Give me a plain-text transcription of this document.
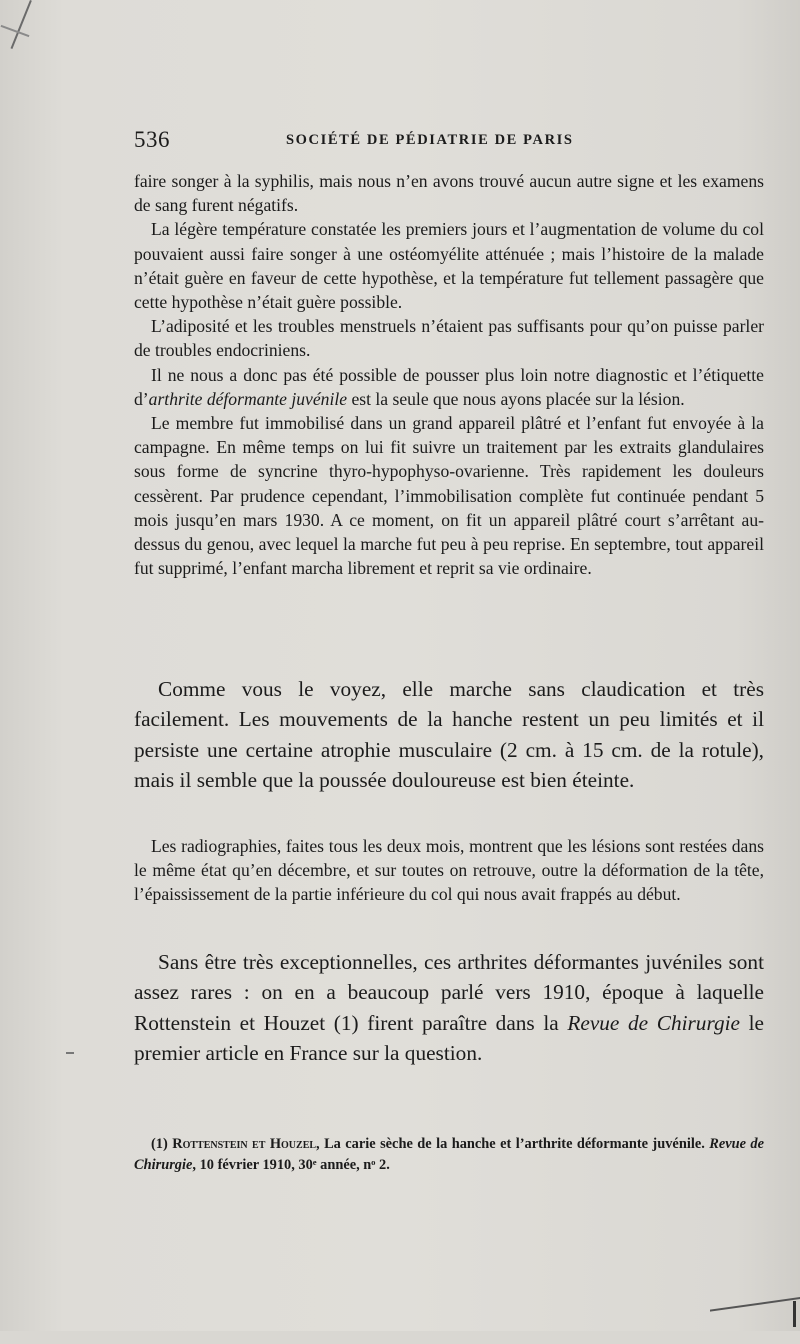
536	SOCIÉTÉ DE PÉDIATRIE DE PARIS

faire songer à la syphilis, mais nous n’en avons trouvé aucun autre signe et les examens de sang furent négatifs.

La légère température constatée les premiers jours et l’augmentation de volume du col pouvaient aussi faire songer à une ostéomyélite atténuée ; mais l’histoire de la malade n’était guère en faveur de cette hypothèse, et la température fut tellement passagère que cette hypothèse n’était guère possible.

L’adiposité et les troubles menstruels n’étaient pas suffisants pour qu’on puisse parler de troubles endocriniens.

Il ne nous a donc pas été possible de pousser plus loin notre diagnostic et l’étiquette d’arthrite déformante juvénile est la seule que nous ayons placée sur la lésion.

Le membre fut immobilisé dans un grand appareil plâtré et l’enfant fut envoyée à la campagne. En même temps on lui fit suivre un traitement par les extraits glandulaires sous forme de syncrine thyro-hypophyso-ovarienne. Très rapidement les douleurs cessèrent. Par prudence cependant, l’immobilisation complète fut continuée pendant 5 mois jusqu’en mars 1930. A ce moment, on fit un appareil plâtré court s’arrêtant au-dessus du genou, avec lequel la marche fut peu à peu reprise. En septembre, tout appareil fut supprimé, l’enfant marcha librement et reprit sa vie ordinaire.

Comme vous le voyez, elle marche sans claudication et très facilement. Les mouvements de la hanche restent un peu limités et il persiste une certaine atrophie musculaire (2 cm. à 15 cm. de la rotule), mais il semble que la poussée douloureuse est bien éteinte.
Les radiographies, faites tous les deux mois, montrent que les lésions sont restées dans le même état qu’en décembre, et sur toutes on retrouve, outre la déformation de la tête, l’épaississement de la partie inférieure du col qui nous avait frappés au début.
Sans être très exceptionnelles, ces arthrites déformantes juvéniles sont assez rares : on en a beaucoup parlé vers 1910, époque à laquelle Rottenstein et Houzet (1) firent paraître dans la Revue de Chirurgie le premier article en France sur la question.
(1) Rottenstein et Houzel, La carie sèche de la hanche et l’arthrite déformante juvénile. Revue de Chirurgie, 10 février 1910, 30ᵉ année, nᵒ 2.
